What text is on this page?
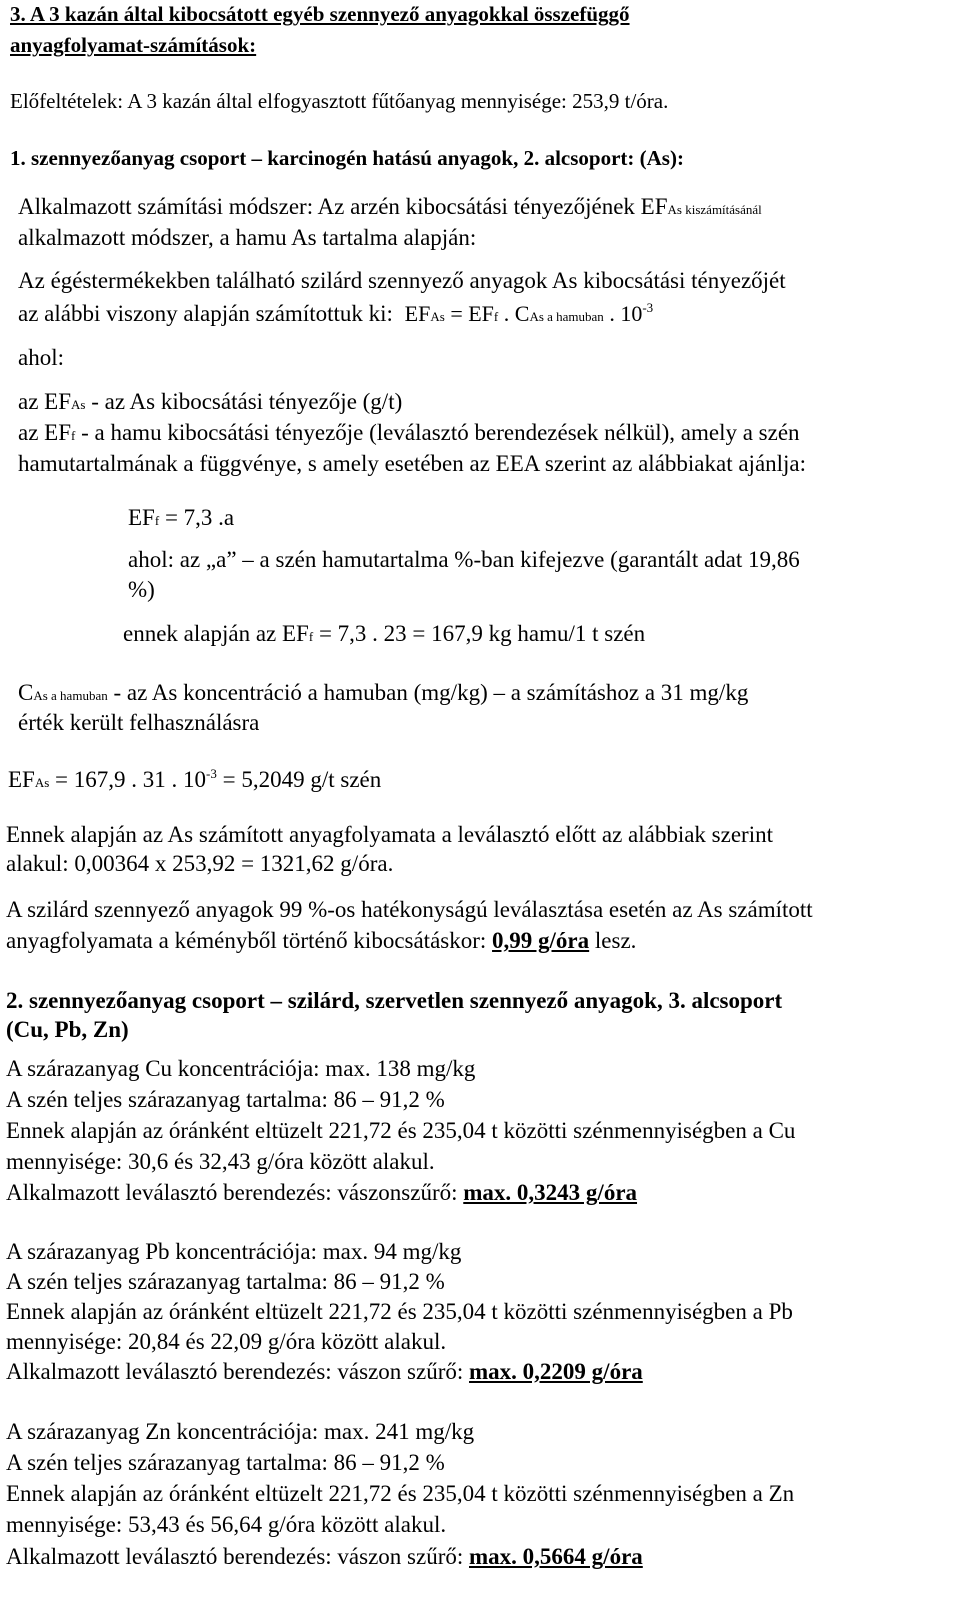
3. A 3 kazán által kibocsátott egyéb szennyező anyagokkal összefüggő
anyagfolyamat-számítások:
Előfeltételek: A 3 kazán által elfogyasztott fűtőanyag mennyisége: 253,9 t/óra.
1. szennyezőanyag csoport – karcinogén hatású anyagok, 2. alcsoport: (As):
Alkalmazott számítási módszer: Az arzén kibocsátási tényezőjének EFAs kiszámításánál
alkalmazott módszer, a hamu As tartalma alapján:
Az égéstermékekben található szilárd szennyező anyagok As kibocsátási tényezőjét
az alábbi viszony alapján számítottuk ki: EFAs = EFf . CAs a hamuban . $10^{-3}$
ahol:
az EFAs - az As kibocsátási tényezője (g/t)
az EFf - a hamu kibocsátási tényezője (leválasztó berendezések nélkül), amely a szén
hamutartalmának a függvénye, s amely esetében az EEA szerint az alábbiakat ajánlja:
EFf = 7,3 .a
ahol: az „a” – a szén hamutartalma %-ban kifejezve (garantált adat 19,86
%)
ennek alapján az EFf = 7,3 . 23 = 167,9 kg hamu/1 t szén
CAs a hamuban - az As koncentráció a hamuban (mg/kg) – a számításhoz a 31 mg/kg
érték került felhasználásra
EFAs = 167,9 . 31 . $10^{-3} = 5,2049$ g/t szén
Ennek alapján az As számított anyagfolyamata a leválasztó előtt az alábbiak szerint
alakul: 0,00364 x 253,92 = 1321,62 g/óra.
A szilárd szennyező anyagok 99 %-os hatékonyságú leválasztása esetén az As számított
anyagfolyamata a kéményből történő kibocsátáskor: 0,99 g/óra lesz.
2. szennyezőanyag csoport – szilárd, szervetlen szennyező anyagok, 3. alcsoport
(Cu, Pb, Zn)
A szárazanyag Cu koncentrációja: max. 138 mg/kg
A szén teljes szárazanyag tartalma: 86 – 91,2 %
Ennek alapján az óránként eltüzelt 221,72 és 235,04 t közötti szénmennyiségben a Cu
mennyisége: 30,6 és 32,43 g/óra között alakul.
Alkalmazott leválasztó berendezés: vászonszűrő: max. 0,3243 g/óra
A szárazanyag Pb koncentrációja: max. 94 mg/kg
A szén teljes szárazanyag tartalma: 86 – 91,2 %
Ennek alapján az óránként eltüzelt 221,72 és 235,04 t közötti szénmennyiségben a Pb
mennyisége: 20,84 és 22,09 g/óra között alakul.
Alkalmazott leválasztó berendezés: vászon szűrő: max. 0,2209 g/óra
A szárazanyag Zn koncentrációja: max. 241 mg/kg
A szén teljes szárazanyag tartalma: 86 – 91,2 %
Ennek alapján az óránként eltüzelt 221,72 és 235,04 t közötti szénmennyiségben a Zn
mennyisége: 53,43 és 56,64 g/óra között alakul.
Alkalmazott leválasztó berendezés: vászon szűrő: max. 0,5664 g/óra
